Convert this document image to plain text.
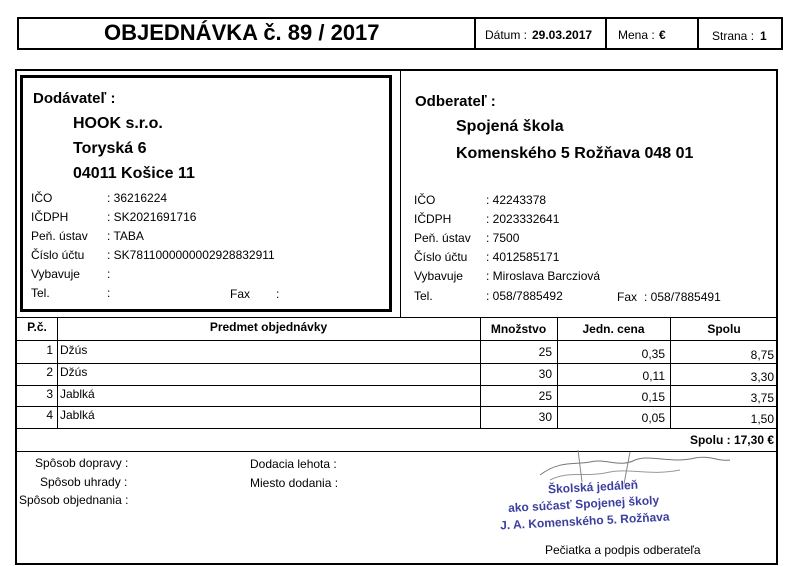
OBJEDNÁVKA č. 89 / 2017	Dátum : 29.03.2017 Mena : €	Strana : 1
Dodávateľ :
HOOK s.r.o.
Toryská 6
04011 Košice 11
IČO	: 36216224
IČDPH	: SK2021691716
Peň. ústav : TABA
Číslo účtu : SK7811000000002928832911
Vybavuje :
Tel.	:	Fax :
Odberateľ :
Spojená škola
Komenského 5 Rožňava 048 01
IČO	: 42243378
IČDPH	: 2023332641
Peň. ústav : 7500
Číslo účtu : 4012585171
Vybavuje : Miroslava Barcziová
Tel.	: 058/7885492	Fax : 058/7885491
P.č.	Predmet objednávky	Množstvo	Jedn. cena	Spolu
1 Džús	25	0,35	8,75
2 Džús	30	0,11	3,30
3 Jablká	25	0,15	3,75
4 Jablká	30	0,05	1,50
Spolu : 17,30 €
Spôsob dopravy :
Spôsob uhrady :
Spôsob objednania :
Dodacia lehota :
Miesto dodania :	Školská jedáleň
ako súčasť Spojenej školy
J. A. Komenského 5. Rožňava
Pečiatka a podpis odberateľa
